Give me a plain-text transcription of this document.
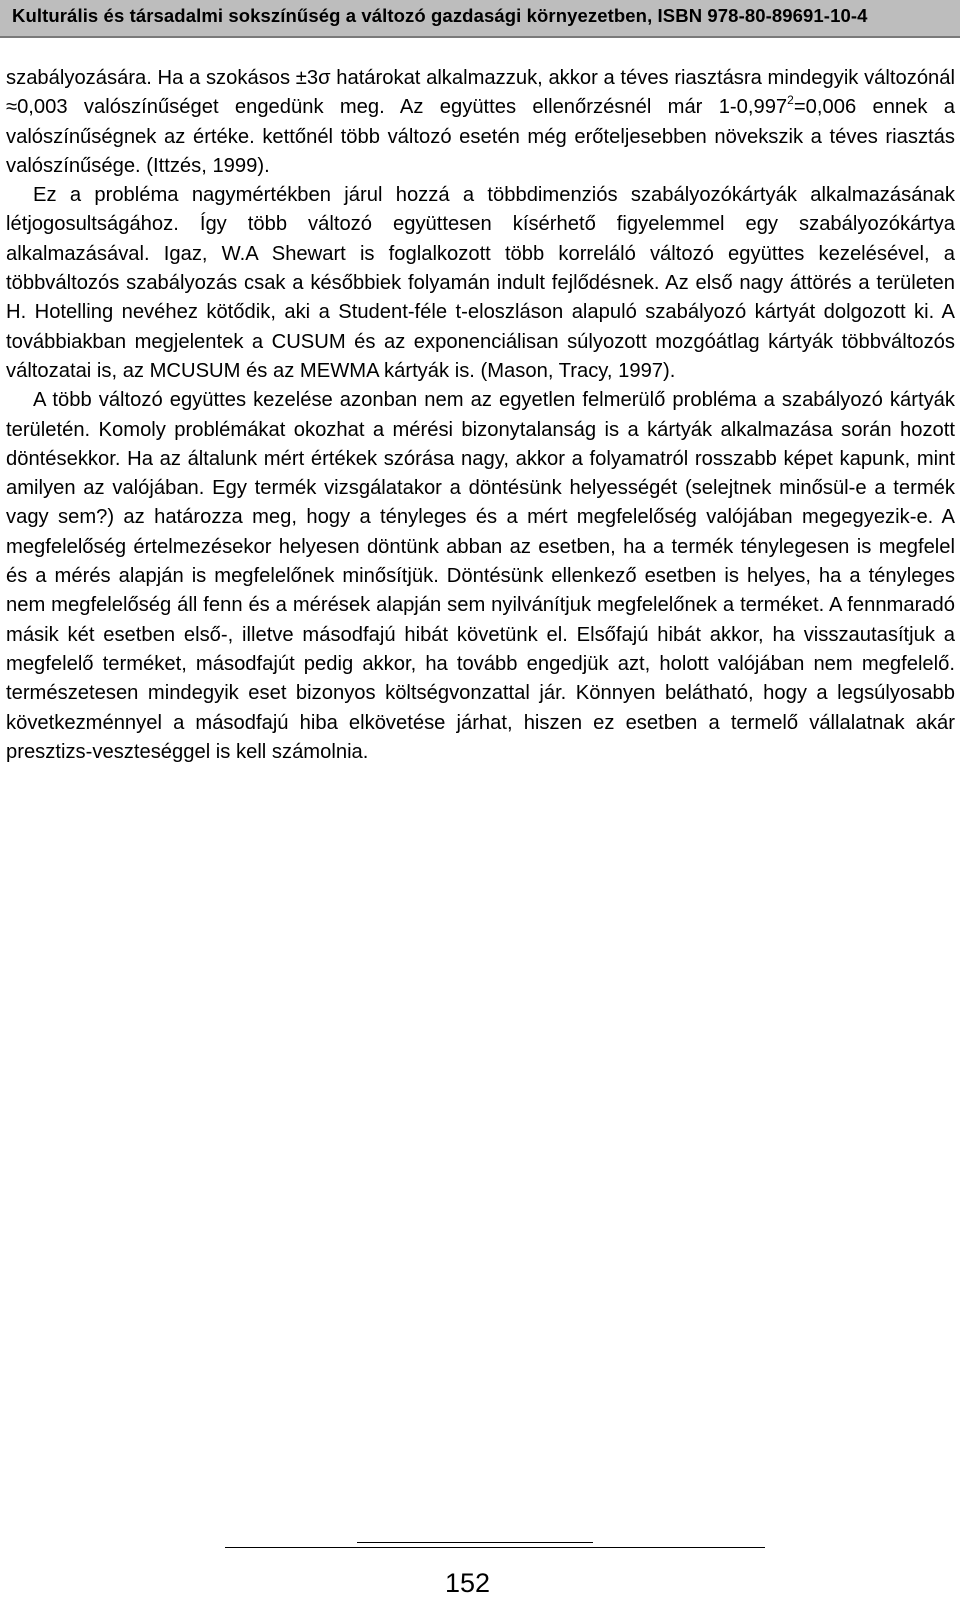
Kulturális és társadalmi sokszínűség a változó gazdasági környezetben, ISBN 978-80-89691-10-4

szabályozására. Ha a szokásos ±3σ határokat alkalmazzuk, akkor a téves riasztásra mindegyik változónál ≈0,003 valószínűséget engedünk meg. Az együttes ellenőrzésnél már $1-0,997^2=0,006$ ennek a valószínűségnek az értéke. kettőnél több változó esetén még erőteljesebben növekszik a téves riasztás valószínűsége. (Ittzés, 1999).

Ez a probléma nagymértékben járul hozzá a többdimenziós szabályozókártyák alkalmazásának létjogosultságához. Így több változó együttesen kísérhető figyelemmel egy szabályozókártya alkalmazásával. Igaz, W.A Shewart is foglalkozott több korreláló változó együttes kezelésével, a többváltozós szabályozás csak a későbbiek folyamán indult fejlődésnek. Az első nagy áttörés a területen H. Hotelling nevéhez kötődik, aki a Student-féle t-eloszláson alapuló szabályozó kártyát dolgozott ki. A továbbiakban megjelentek a CUSUM és az exponenciálisan súlyozott mozgóátlag kártyák többváltozós változatai is, az MCUSUM és az MEWMA kártyák is. (Mason, Tracy, 1997).

A több változó együttes kezelése azonban nem az egyetlen felmerülő probléma a szabályozó kártyák területén. Komoly problémákat okozhat a mérési bizonytalanság is a kártyák alkalmazása során hozott döntésekkor. Ha az általunk mért értékek szórása nagy, akkor a folyamatról rosszabb képet kapunk, mint amilyen az valójában. Egy termék vizsgálatakor a döntésünk helyességét (selejtnek minősül-e a termék vagy sem?) az határozza meg, hogy a tényleges és a mért megfelelőség valójában megegyezik-e. A megfelelőség értelmezésekor helyesen döntünk abban az esetben, ha a termék ténylegesen is megfelel és a mérés alapján is megfelelőnek minősítjük. Döntésünk ellenkező esetben is helyes, ha a tényleges nem megfelelőség áll fenn és a mérések alapján sem nyilvánítjuk megfelelőnek a terméket. A fennmaradó másik két esetben első-, illetve másodfajú hibát követünk el. Elsőfajú hibát akkor, ha visszautasítjuk a megfelelő terméket, másodfajút pedig akkor, ha tovább engedjük azt, holott valójában nem megfelelő. természetesen mindegyik eset bizonyos költségvonzattal jár. Könnyen belátható, hogy a legsúlyosabb következménnyel a másodfajú hiba elkövetése járhat, hiszen ez esetben a termelő vállalatnak akár presztizs-veszteséggel is kell számolnia.

152
